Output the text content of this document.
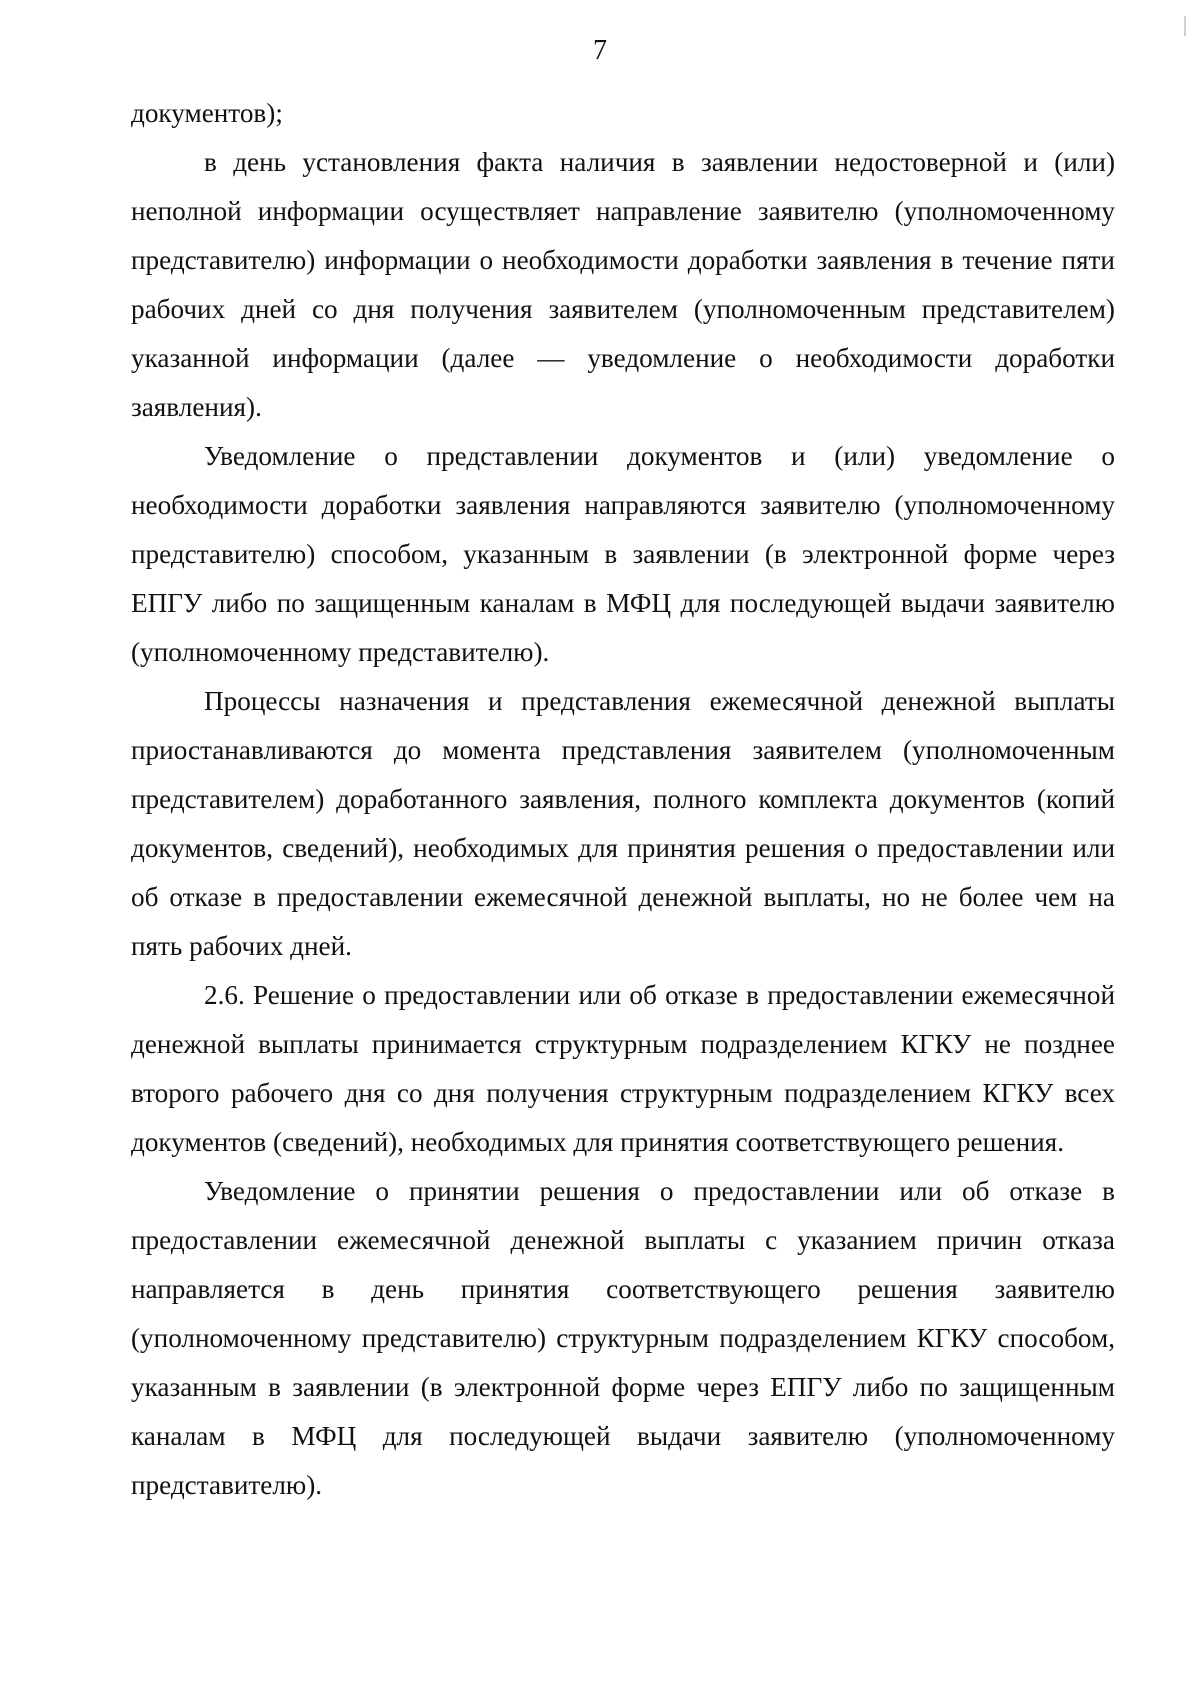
7

документов);

в день установления факта наличия в заявлении недостоверной и (или) неполной информации осуществляет направление заявителю (уполномоченному представителю) информации о необходимости доработки заявления в течение пяти рабочих дней со дня получения заявителем (уполномоченным представителем) указанной информации (далее — уведомление о необходимости доработки заявления).

Уведомление о представлении документов и (или) уведомление о необходимости доработки заявления направляются заявителю (уполномоченному представителю) способом, указанным в заявлении (в электронной форме через ЕПГУ либо по защищенным каналам в МФЦ для последующей выдачи заявителю (уполномоченному представителю).

Процессы назначения и представления ежемесячной денежной выплаты приостанавливаются до момента представления заявителем (уполномоченным представителем) доработанного заявления, полного комплекта документов (копий документов, сведений), необходимых для принятия решения о предоставлении или об отказе в предоставлении ежемесячной денежной выплаты, но не более чем на пять рабочих дней.

2.6. Решение о предоставлении или об отказе в предоставлении ежемесячной денежной выплаты принимается структурным подразделением КГКУ не позднее второго рабочего дня со дня получения структурным подразделением КГКУ всех документов (сведений), необходимых для принятия соответствующего решения.

Уведомление о принятии решения о предоставлении или об отказе в предоставлении ежемесячной денежной выплаты с указанием причин отказа направляется в день принятия соответствующего решения заявителю (уполномоченному представителю) структурным подразделением КГКУ способом, указанным в заявлении (в электронной форме через ЕПГУ либо по защищенным каналам в МФЦ для последующей выдачи заявителю (уполномоченному представителю).
